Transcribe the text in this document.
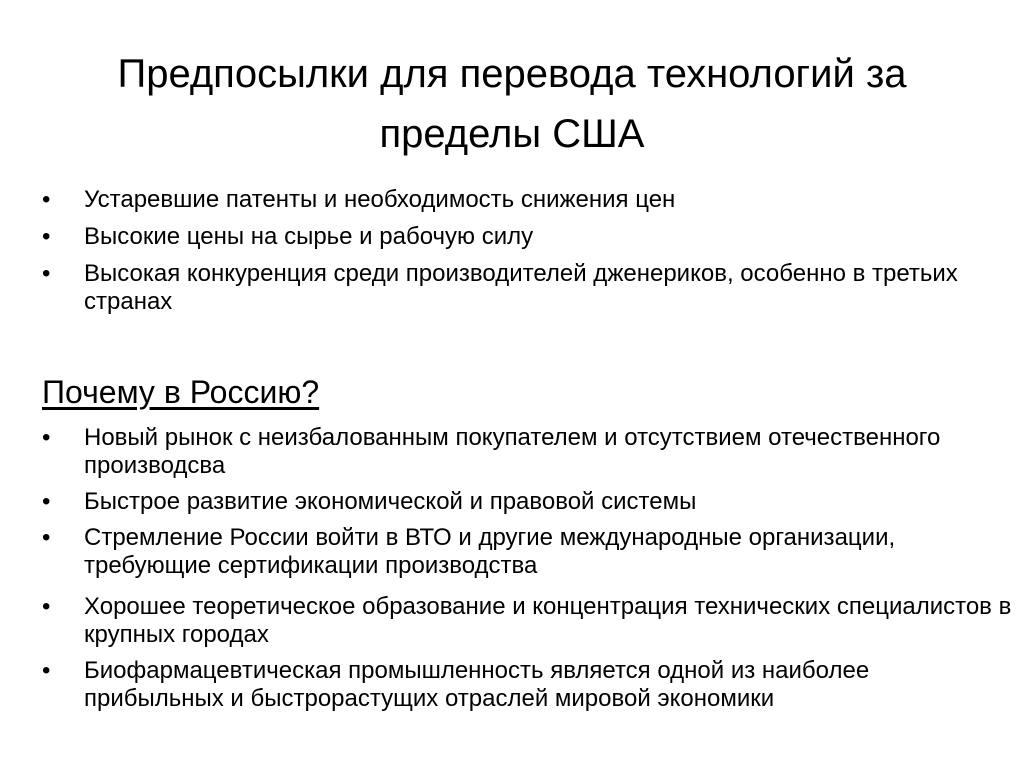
Предпосылки для перевода технологий за пределы США
• Устаревшие патенты и необходимость снижения цен
• Высокие цены на сырье и рабочую силу
• Высокая конкуренция среди производителей дженериков, особенно в третьих странах
Почему в Россию?
• Новый рынок с неизбалованным покупателем и отсутствием отечественного производсва
• Быстрое развитие экономической и правовой системы
• Стремление России войти в ВТО и другие международные организации, требующие сертификации производства
• Хорошее теоретическое образование и концентрация технических специалистов в крупных городах
• Биофармацевтическая промышленность является одной из наиболее прибыльных и быстрорастущих отраслей мировой экономики
